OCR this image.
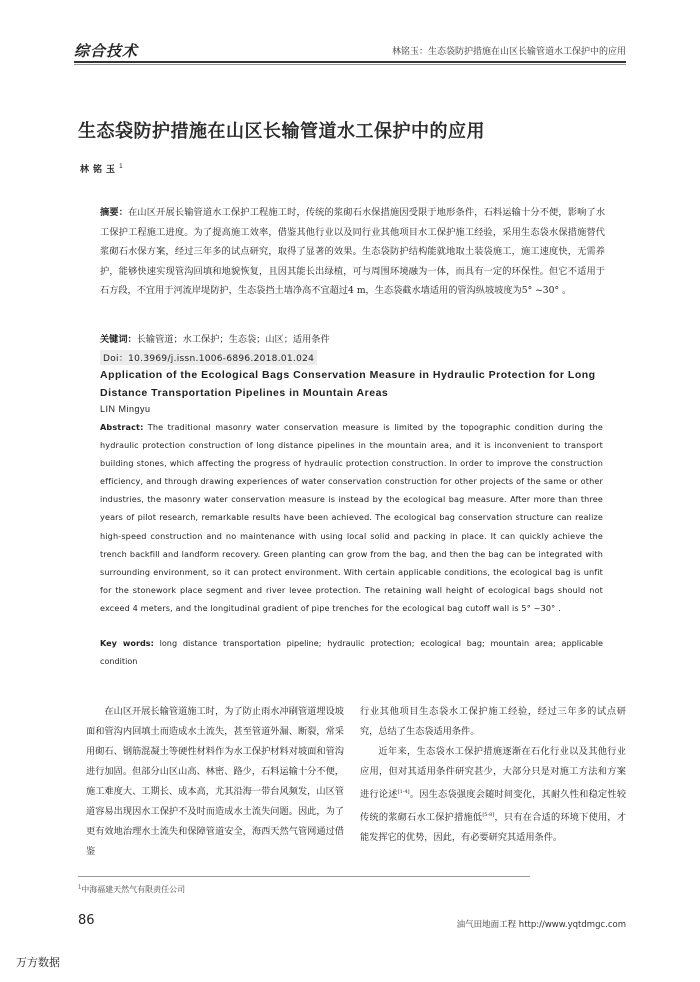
综合技术	林铭玉：生态袋防护措施在山区长输管道水工保护中的应用
生态袋防护措施在山区长输管道水工保护中的应用
林铭玉$^1$
摘要：在山区开展长输管道水工保护工程施工时，传统的浆砌石水保措施因受限于地形条件，石料运输十分不便，影响了水工保护工程施工进度。为了提高施工效率，借鉴其他行业以及同行业其他项目水工保护施工经验，采用生态袋水保措施替代浆砌石水保方案，经过三年多的试点研究，取得了显著的效果。生态袋防护结构能就地取土装袋施工，施工速度快，无需养护，能够快速实现管沟回填和地貌恢复，且因其能长出绿植，可与周围环境融为一体，而具有一定的环保性。但它不适用于石方段，不宜用于河流岸堤防护，生态袋挡土墙净高不宜超过4 m，生态袋截水墙适用的管沟纵坡坡度为5° ~30° 。
关键词：长输管道；水工保护；生态袋；山区；适用条件
Doi：10.3969/j.issn.1006-6896.2018.01.024
Application of the Ecological Bags Conservation Measure in Hydraulic Protection for Long Distance Transportation Pipelines in Mountain Areas
LIN Mingyu
Abstract: The traditional masonry water conservation measure is limited by the topographic condition during the hydraulic protection construction of long distance pipelines in the mountain area, and it is inconvenient to transport building stones, which affecting the progress of hydraulic protection construction. In order to improve the construction efficiency, and through drawing experiences of water conservation construction for other projects of the same or other industries, the masonry water conservation measure is instead by the ecological bag measure. After more than three years of pilot research, remarkable results have been achieved. The ecological bag conservation structure can realize high-speed construction and no maintenance with using local solid and packing in place. It can quickly achieve the trench backfill and landform recovery. Green planting can grow from the bag, and then the bag can be integrated with surrounding environment, so it can protect environment. With certain applicable conditions, the ecological bag is unfit for the stonework place segment and river levee protection. The retaining wall height of ecological bags should not exceed 4 meters, and the longitudinal gradient of pipe trenches for the ecological bag cutoff wall is 5° ~30° .
Key words: long distance transportation pipeline; hydraulic protection; ecological bag; mountain area; applicable condition

在山区开展长输管道施工时，为了防止雨水冲刷管道埋设坡面和管沟内回填土而造成水土流失，甚至管道外漏、断裂，常采用砌石、钢筋混凝土等硬性材料作为水工保护材料对坡面和管沟进行加固。但部分山区山高、林密、路少，石料运输十分不便，施工难度大、工期长、成本高，尤其沿海一带台风频发，山区管道容易出现因水工保护不及时而造成水土流失问题。因此，为了更有效地治理水土流失和保障管道安全，海西天然气管网通过借鉴

行业其他项目生态袋水工保护施工经验，经过三年多的试点研究，总结了生态袋适用条件。

近年来，生态袋水工保护措施逐渐在石化行业以及其他行业应用，但对其适用条件研究甚少，大部分只是对施工方法和方案进行论述[1-4]。因生态袋强度会随时间变化，其耐久性和稳定性较传统的浆砌石水工保护措施低[5-8]，只有在合适的环境下使用，才能发挥它的优势，因此，有必要研究其适用条件。

$^1$中海福建天然气有限责任公司
86	油气田地面工程 http://www.yqtdmgc.com
万方数据
